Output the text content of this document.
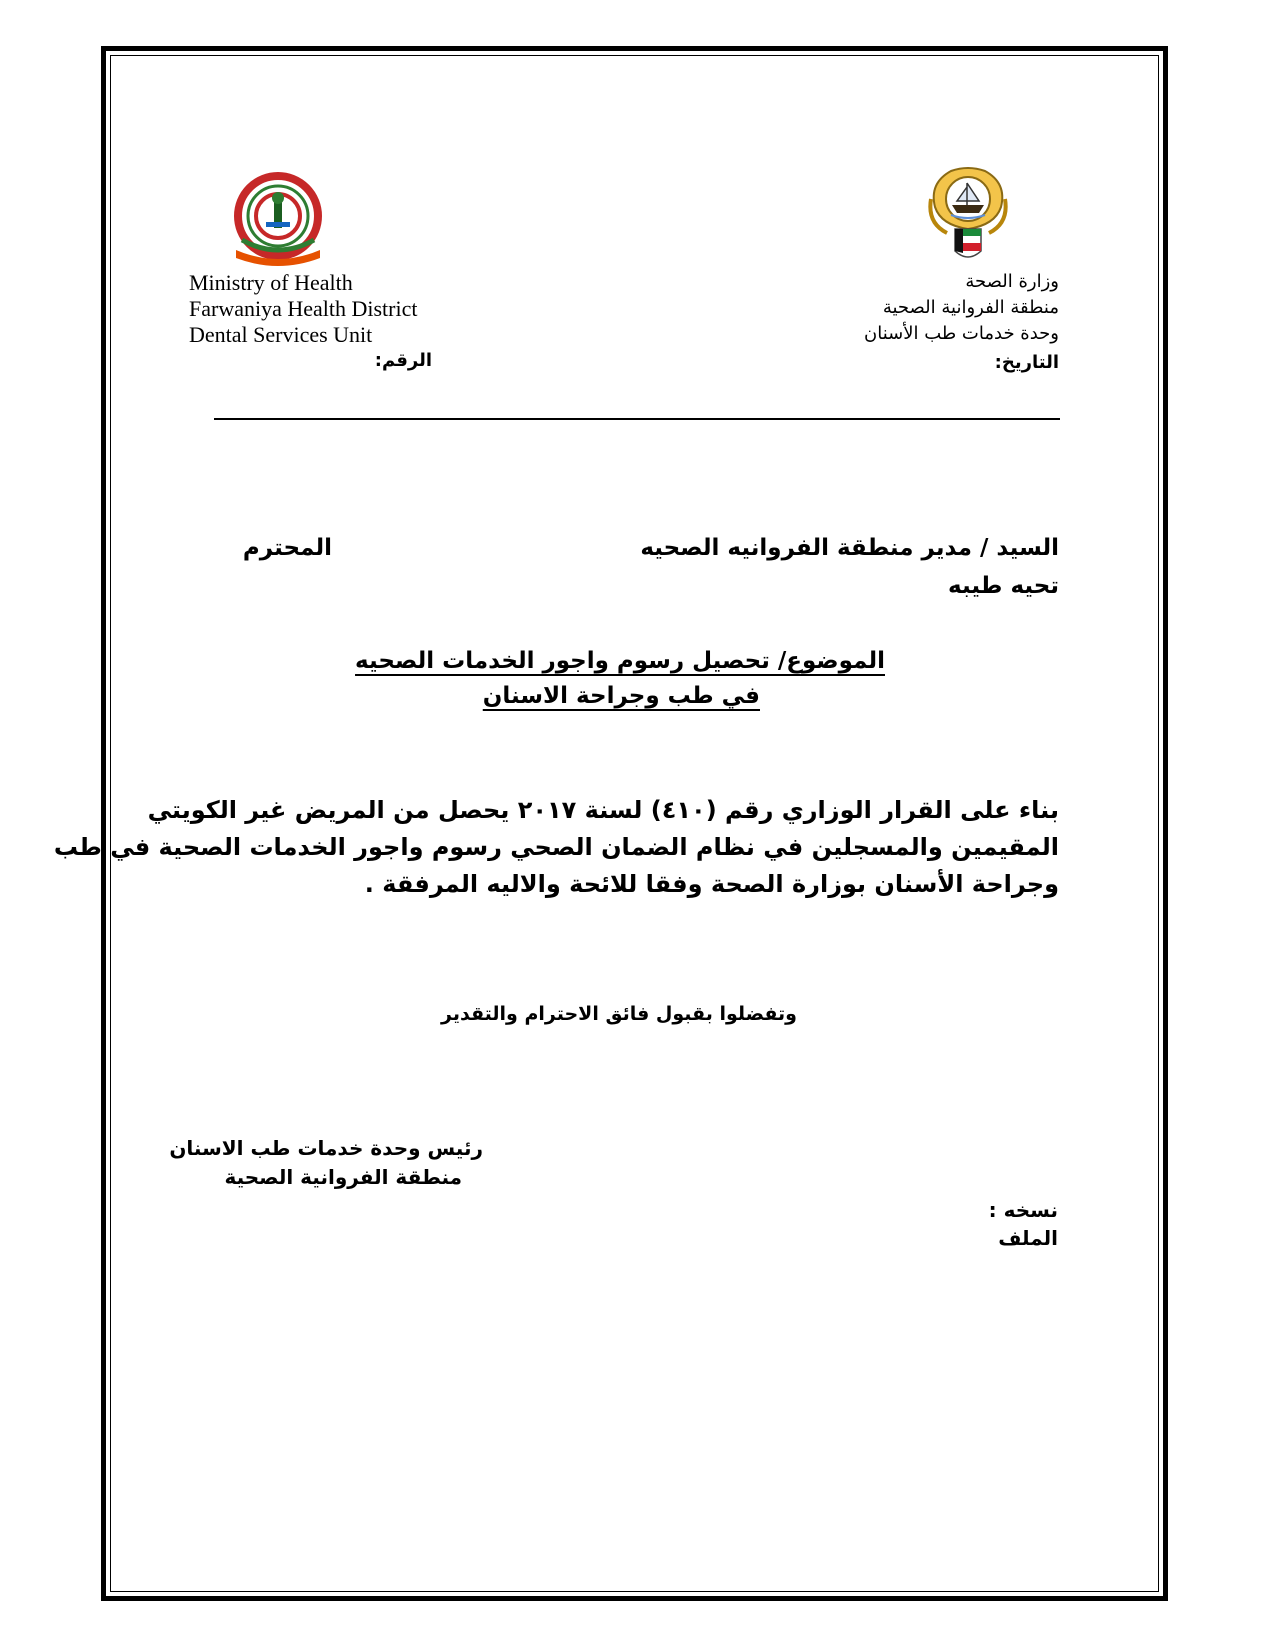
Ministry of Health
Farwaniya Health District
Dental Services Unit
وزارة الصحة
منطقة الفروانية الصحية
وحدة خدمات طب الأسنان
التاريخ:
الرقم:
السيد / مدير منطقة الفروانيه الصحيه
المحترم
تحيه طيبه
الموضوع/ تحصيل رسوم واجور الخدمات الصحيه
في طب وجراحة الاسنان
بناء على القرار الوزاري رقم (٤١٠) لسنة ٢٠١٧ يحصل من المريض غير الكويتي
المقيمين والمسجلين في نظام الضمان الصحي رسوم واجور الخدمات الصحية في طب
وجراحة الأسنان بوزارة الصحة وفقا للائحة والاليه المرفقة .
وتفضلوا بقبول فائق الاحترام والتقدير
رئيس وحدة خدمات طب الاسنان
منطقة الفروانية الصحية
نسخه :
الملف
